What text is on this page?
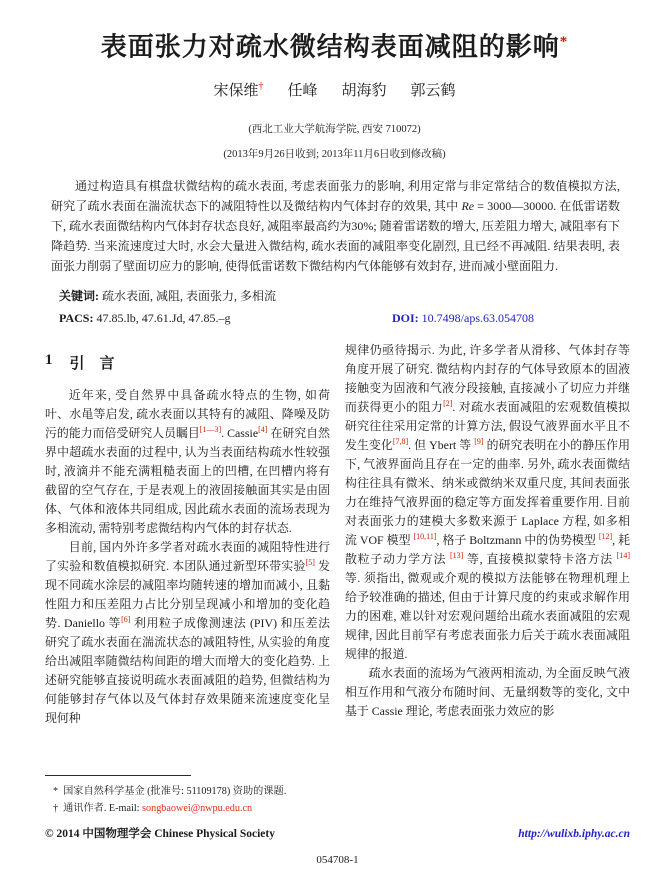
表面张力对疏水微结构表面减阻的影响*
宋保维† 任峰 胡海豹 郭云鹤
(西北工业大学航海学院, 西安 710072)
(2013年9月26日收到; 2013年11月6日收到修改稿)

通过构造具有棋盘状微结构的疏水表面, 考虑表面张力的影响, 利用定常与非定常结合的数值模拟方法, 研究了疏水表面在湍流状态下的减阻特性以及微结构内气体封存的效果, 其中 Re = 3000—30000. 在低雷诺数下, 疏水表面微结构内气体封存状态良好, 减阻率最高约为30%; 随着雷诺数的增大, 压差阻力增大, 减阻率有下降趋势. 当来流速度过大时, 水会大量进入微结构, 疏水表面的减阻率变化剧烈, 且已经不再减阻. 结果表明, 表面张力削弱了壁面切应力的影响, 使得低雷诺数下微结构内气体能够有效封存, 进而减小壁面阻力.

关键词: 疏水表面, 减阻, 表面张力, 多相流
PACS: 47.85.lb, 47.61.Jd, 47.85.–g	DOI: 10.7498/aps.63.054708
1 引　言

近年来, 受自然界中具备疏水特点的生物, 如荷叶、水黾等启发, 疏水表面以其特有的减阻、降噪及防污的能力而倍受研究人员瞩目[1—3]. Cassie[4] 在研究自然界中超疏水表面的过程中, 认为当表面结构疏水性较强时, 液滴并不能充满粗糙表面上的凹槽, 在凹槽内将有截留的空气存在, 于是表观上的液固接触面其实是由固体、气体和液体共同组成, 因此疏水表面的流场表现为多相流动, 需特别考虑微结构内气体的封存状态.

目前, 国内外许多学者对疏水表面的减阻特性进行了实验和数值模拟研究. 本团队通过新型环带实验[5] 发现不同疏水涂层的减阻率均随转速的增加而减小, 且黏性阻力和压差阻力占比分别呈现减小和增加的变化趋势. Daniello 等[6] 利用粒子成像测速法 (PIV) 和压差法研究了疏水表面在湍流状态的减阻特性, 从实验的角度给出减阻率随微结构间距的增大而增大的变化趋势. 上述研究能够直接说明疏水表面减阻的趋势, 但微结构为何能够封存气体以及气体封存效果随来流速度变化呈现何种

* 国家自然科学基金 (批准号: 51109178) 资助的课题.
† 通讯作者. E-mail: songbaowei@nwpu.edu.cn

规律仍亟待揭示. 为此, 许多学者从滑移、气体封存等角度开展了研究. 微结构内封存的气体导致原本的固液接触变为固液和气液分段接触, 直接减小了切应力并继而获得更小的阻力[2]. 对疏水表面减阻的宏观数值模拟研究往往采用定常的计算方法, 假设气液界面水平且不发生变化[7,8]. 但 Ybert 等 [9] 的研究表明在小的静压作用下, 气液界面尚且存在一定的曲率. 另外, 疏水表面微结构往往具有微米、纳米或微纳米双重尺度, 其间表面张力在维持气液界面的稳定等方面发挥着重要作用. 目前对表面张力的建模大多数来源于 Laplace 方程, 如多相流 VOF 模型 [10,11], 格子 Boltzmann 中的伪势模型 [12], 耗散粒子动力学方法 [13] 等, 直接模拟蒙特卡洛方法 [14] 等. 须指出, 微观或介观的模拟方法能够在物理机理上给予较准确的描述, 但由于计算尺度的约束或求解作用力的困难, 难以针对宏观问题给出疏水表面减阻的宏观规律, 因此目前罕有考虑表面张力后关于疏水表面减阻规律的报道.

疏水表面的流场为气液两相流动, 为全面反映气液相互作用和气液分布随时间、无量纲数等的变化, 文中基于 Cassie 理论, 考虑表面张力效应的影

© 2014 中国物理学会 Chinese Physical Society	http://wulixb.iphy.ac.cn
054708-1
